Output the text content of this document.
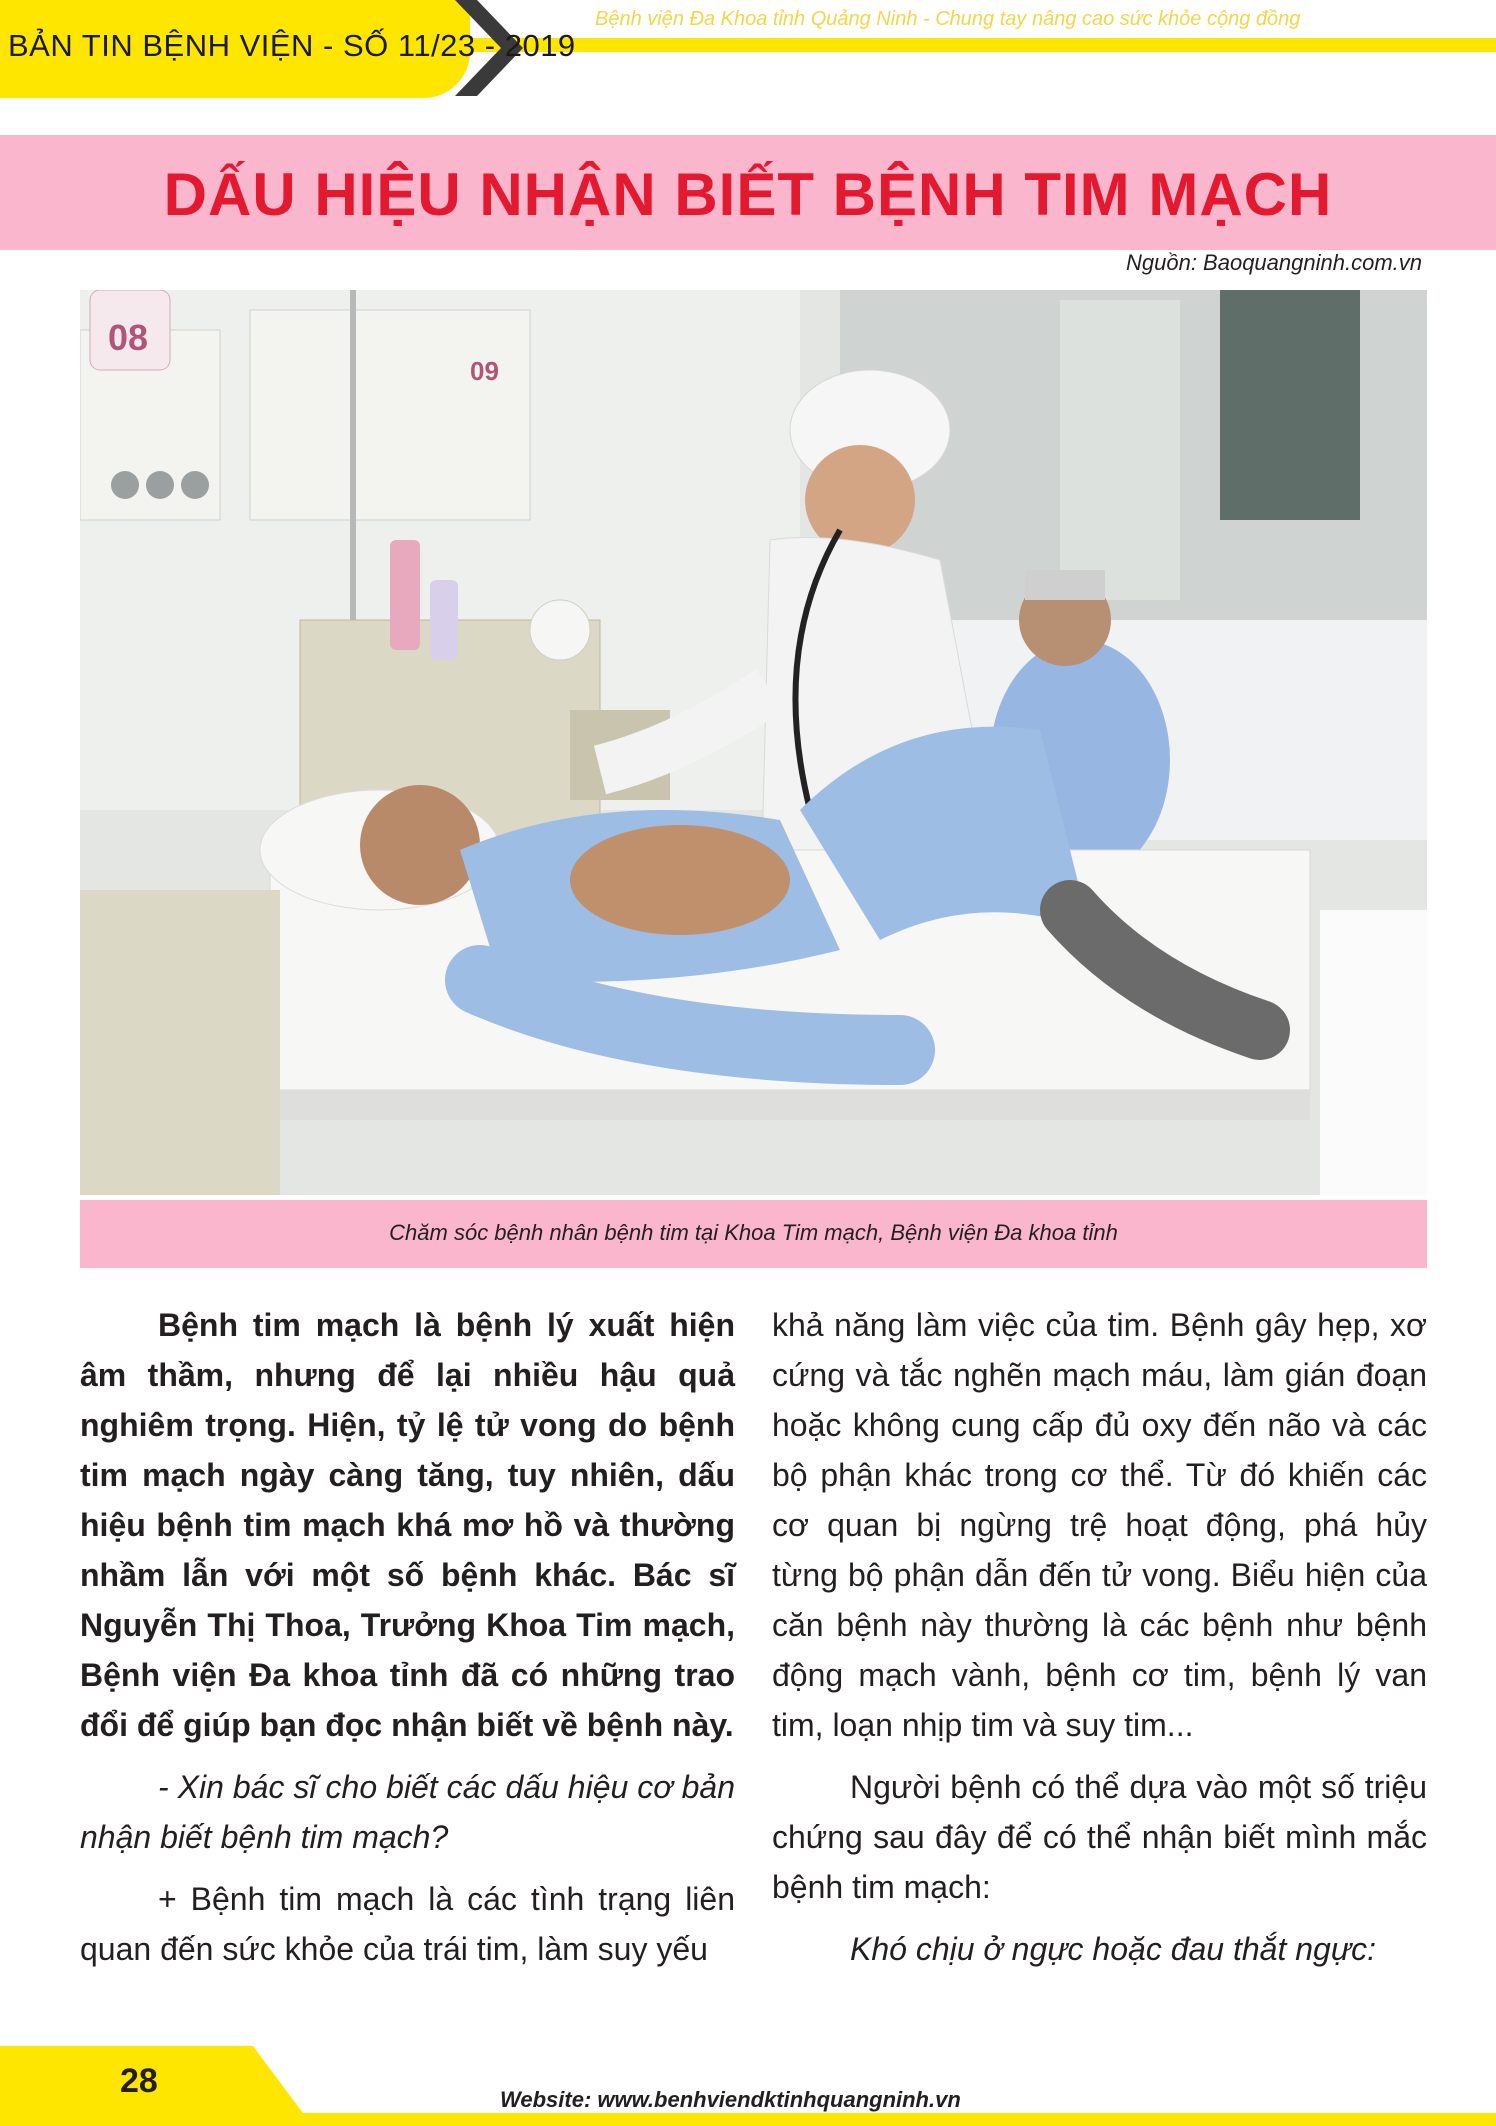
BẢN TIN BỆNH VIỆN - SỐ 11/23 - 2019
Bệnh viện Đa Khoa tỉnh Quảng Ninh - Chung tay nâng cao sức khỏe cộng đồng
DẤU HIỆU NHẬN BIẾT BỆNH TIM MẠCH
Nguồn: Baoquangninh.com.vn
08
09
Chăm sóc bệnh nhân bệnh tim tại Khoa Tim mạch, Bệnh viện Đa khoa tỉnh

Bệnh tim mạch là bệnh lý xuất hiện âm thầm, nhưng để lại nhiều hậu quả nghiêm trọng. Hiện, tỷ lệ tử vong do bệnh tim mạch ngày càng tăng, tuy nhiên, dấu hiệu bệnh tim mạch khá mơ hồ và thường nhầm lẫn với một số bệnh khác. Bác sĩ Nguyễn Thị Thoa, Trưởng Khoa Tim mạch, Bệnh viện Đa khoa tỉnh đã có những trao đổi để giúp bạn đọc nhận biết về bệnh này.

- Xin bác sĩ cho biết các dấu hiệu cơ bản nhận biết bệnh tim mạch?

+ Bệnh tim mạch là các tình trạng liên quan đến sức khỏe của trái tim, làm suy yếu

khả năng làm việc của tim. Bệnh gây hẹp, xơ cứng và tắc nghẽn mạch máu, làm gián đoạn hoặc không cung cấp đủ oxy đến não và các bộ phận khác trong cơ thể. Từ đó khiến các cơ quan bị ngừng trệ hoạt động, phá hủy từng bộ phận dẫn đến tử vong. Biểu hiện của căn bệnh này thường là các bệnh như bệnh động mạch vành, bệnh cơ tim, bệnh lý van tim, loạn nhịp tim và suy tim...

Người bệnh có thể dựa vào một số triệu chứng sau đây để có thể nhận biết mình mắc bệnh tim mạch:

Khó chịu ở ngực hoặc đau thắt ngực:

28	Website: www.benhviendktinhquangninh.vn
